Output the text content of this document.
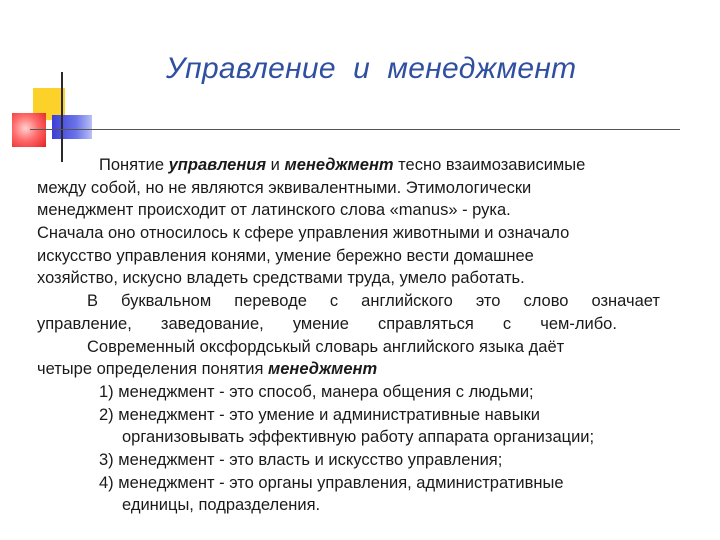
Управление  и  менеджмент
Понятие управления и менеджмент тесно взаимозависимые
между собой, но не являются эквивалентными. Этимологически
менеджмент происходит от латинского слова «manus» - рука.
Сначала оно относилось к сфере управления животными и означало
искусство управления конями, умение бережно вести домашнее
хозяйство, искусно владеть средствами труда, умело работать.
В буквальном переводе с английского это слово означает
управление, заведование, умение справляться с чем-либо.
Современный оксфордськый словарь английского языка даёт
четыре определения понятия менеджмент
1) менеджмент - это способ, манера общения с людьми;
2) менеджмент - это умение и административные навыки
организовывать эффективную работу аппарата организации;
3) менеджмент - это власть и искусство управления;
4) менеджмент - это органы управления, административные
единицы, подразделения.
